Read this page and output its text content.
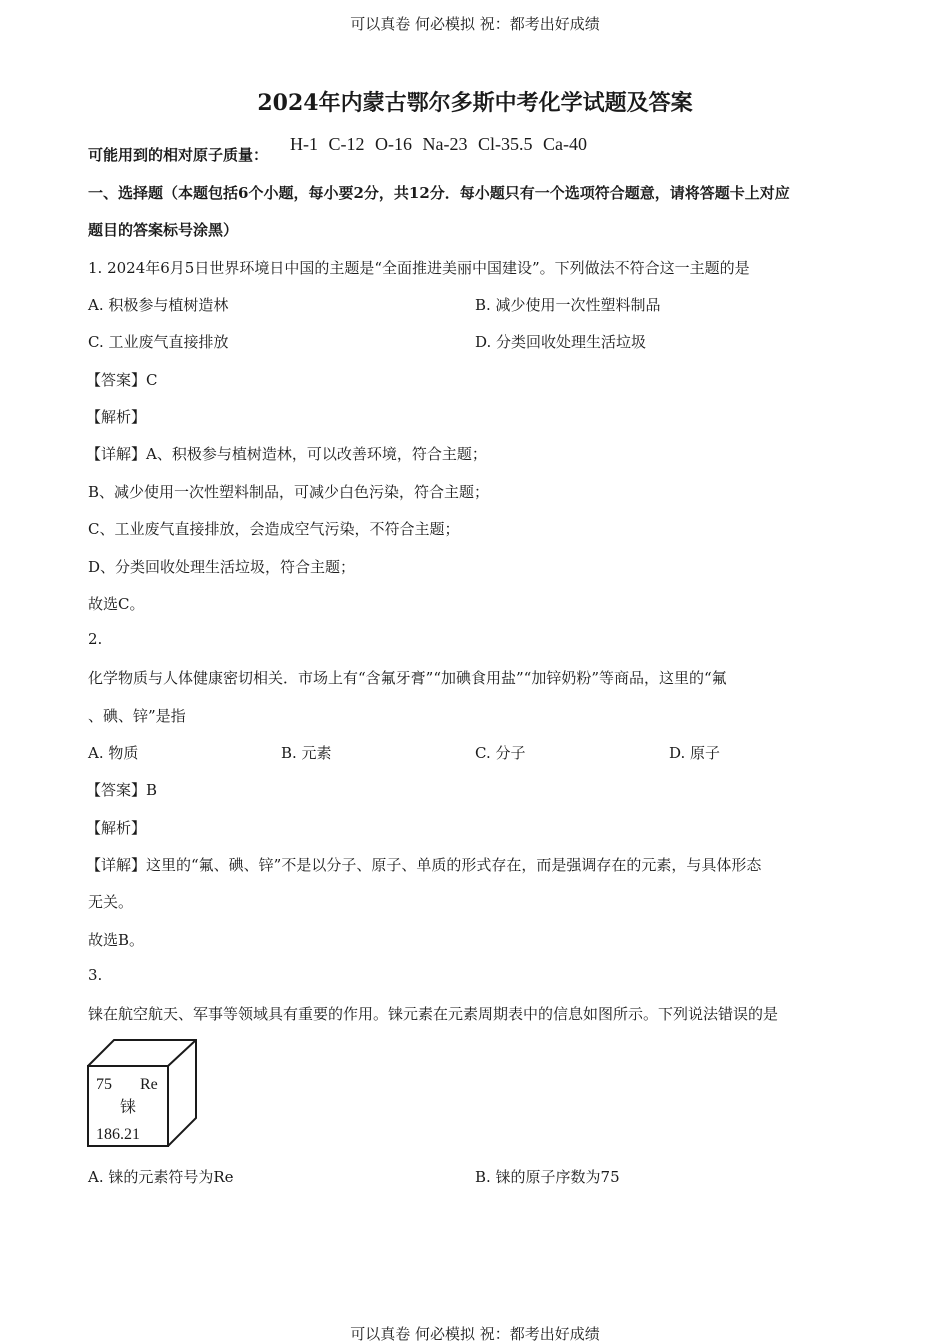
可以真卷 何必模拟 祝：都考出好成绩
2024年内蒙古鄂尔多斯中考化学试题及答案
可能用到的相对原子质量：
H-1 C-12 O-16 Na-23 Cl-35.5 Ca-40
一、选择题（本题包括6个小题，每小要2分，共12分．每小题只有一个选项符合题意，请将答题卡上对应
题目的答案标号涂黑）
1. 2024年6月5日世界环境日中国的主题是“全面推进美丽中国建设”。下列做法不符合这一主题的是
A. 积极参与植树造林	B. 减少使用一次性塑料制品
C. 工业废气直接排放	D. 分类回收处理生活垃圾
【答案】C
【解析】
【详解】A、积极参与植树造林，可以改善环境，符合主题；
B、减少使用一次性塑料制品，可减少白色污染，符合主题；
C、工业废气直接排放，会造成空气污染，不符合主题；
D、分类回收处理生活垃圾，符合主题；
故选C。
2.
化学物质与人体健康密切相关．市场上有“含氟牙膏”“加碘食用盐”“加锌奶粉”等商品，这里的“氟
、碘、锌”是指
A. 物质	B. 元素	C. 分子	D. 原子
【答案】B
【解析】
【详解】这里的“氟、碘、锌”不是以分子、原子、单质的形式存在，而是强调存在的元素，与具体形态
无关。
故选B。
3.
铼在航空航天、军事等领域具有重要的作用。铼元素在元素周期表中的信息如图所示。下列说法错误的是
75 Re
铼
186.21
A. 铼的元素符号为Re	B. 铼的原子序数为75
可以真卷 何必模拟 祝：都考出好成绩
